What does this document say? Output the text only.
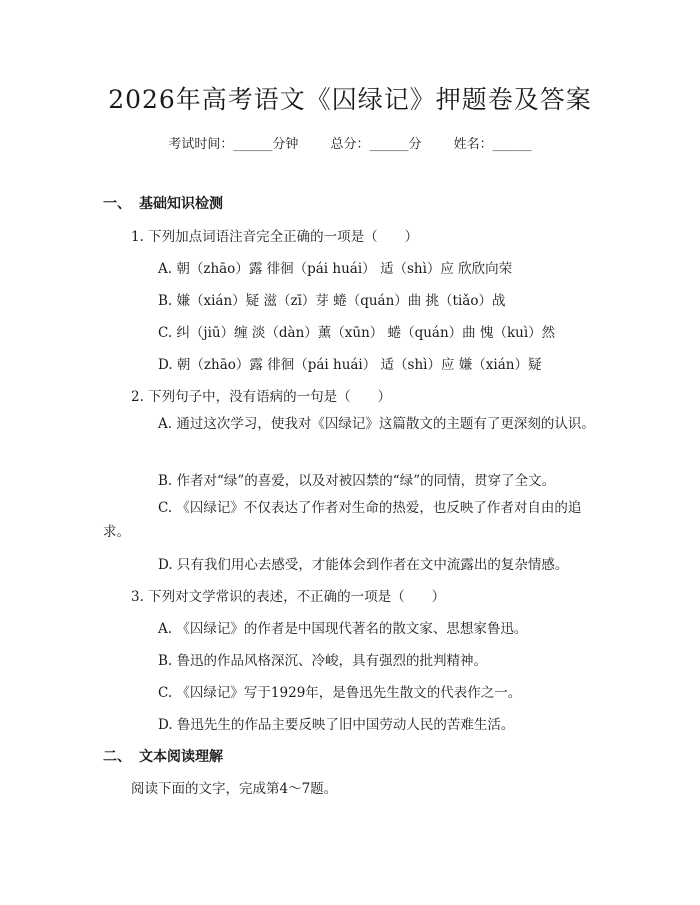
2026年高考语文《囚绿记》押题卷及答案
考试时间：______分钟 总分：______分 姓名：______
一、 基础知识检测

1. 下列加点词语注音完全正确的一项是（　　）

A. 朝（zhāo）露 徘徊（pái huái） 适（shì）应 欣欣向荣

B. 嫌（xián）疑 滋（zī）芽 蜷（quán）曲 挑（tiǎo）战

C. 纠（jiū）缠 淡（dàn）薰（xūn） 蜷（quán）曲 愧（kuì）然

D. 朝（zhāo）露 徘徊（pái huái） 适（shì）应 嫌（xián）疑

2. 下列句子中，没有语病的一句是（　　）

A. 通过这次学习，使我对《囚绿记》这篇散文的主题有了更深刻的认识。

B. 作者对“绿”的喜爱，以及对被囚禁的“绿”的同情，贯穿了全文。

C. 《囚绿记》不仅表达了作者对生命的热爱，也反映了作者对自由的追求。

D. 只有我们用心去感受，才能体会到作者在文中流露出的复杂情感。

3. 下列对文学常识的表述，不正确的一项是（　　）

A. 《囚绿记》的作者是中国现代著名的散文家、思想家鲁迅。

B. 鲁迅的作品风格深沉、冷峻，具有强烈的批判精神。

C. 《囚绿记》写于1929年，是鲁迅先生散文的代表作之一。

D. 鲁迅先生的作品主要反映了旧中国劳动人民的苦难生活。

二、 文本阅读理解

阅读下面的文字，完成第4～7题。
